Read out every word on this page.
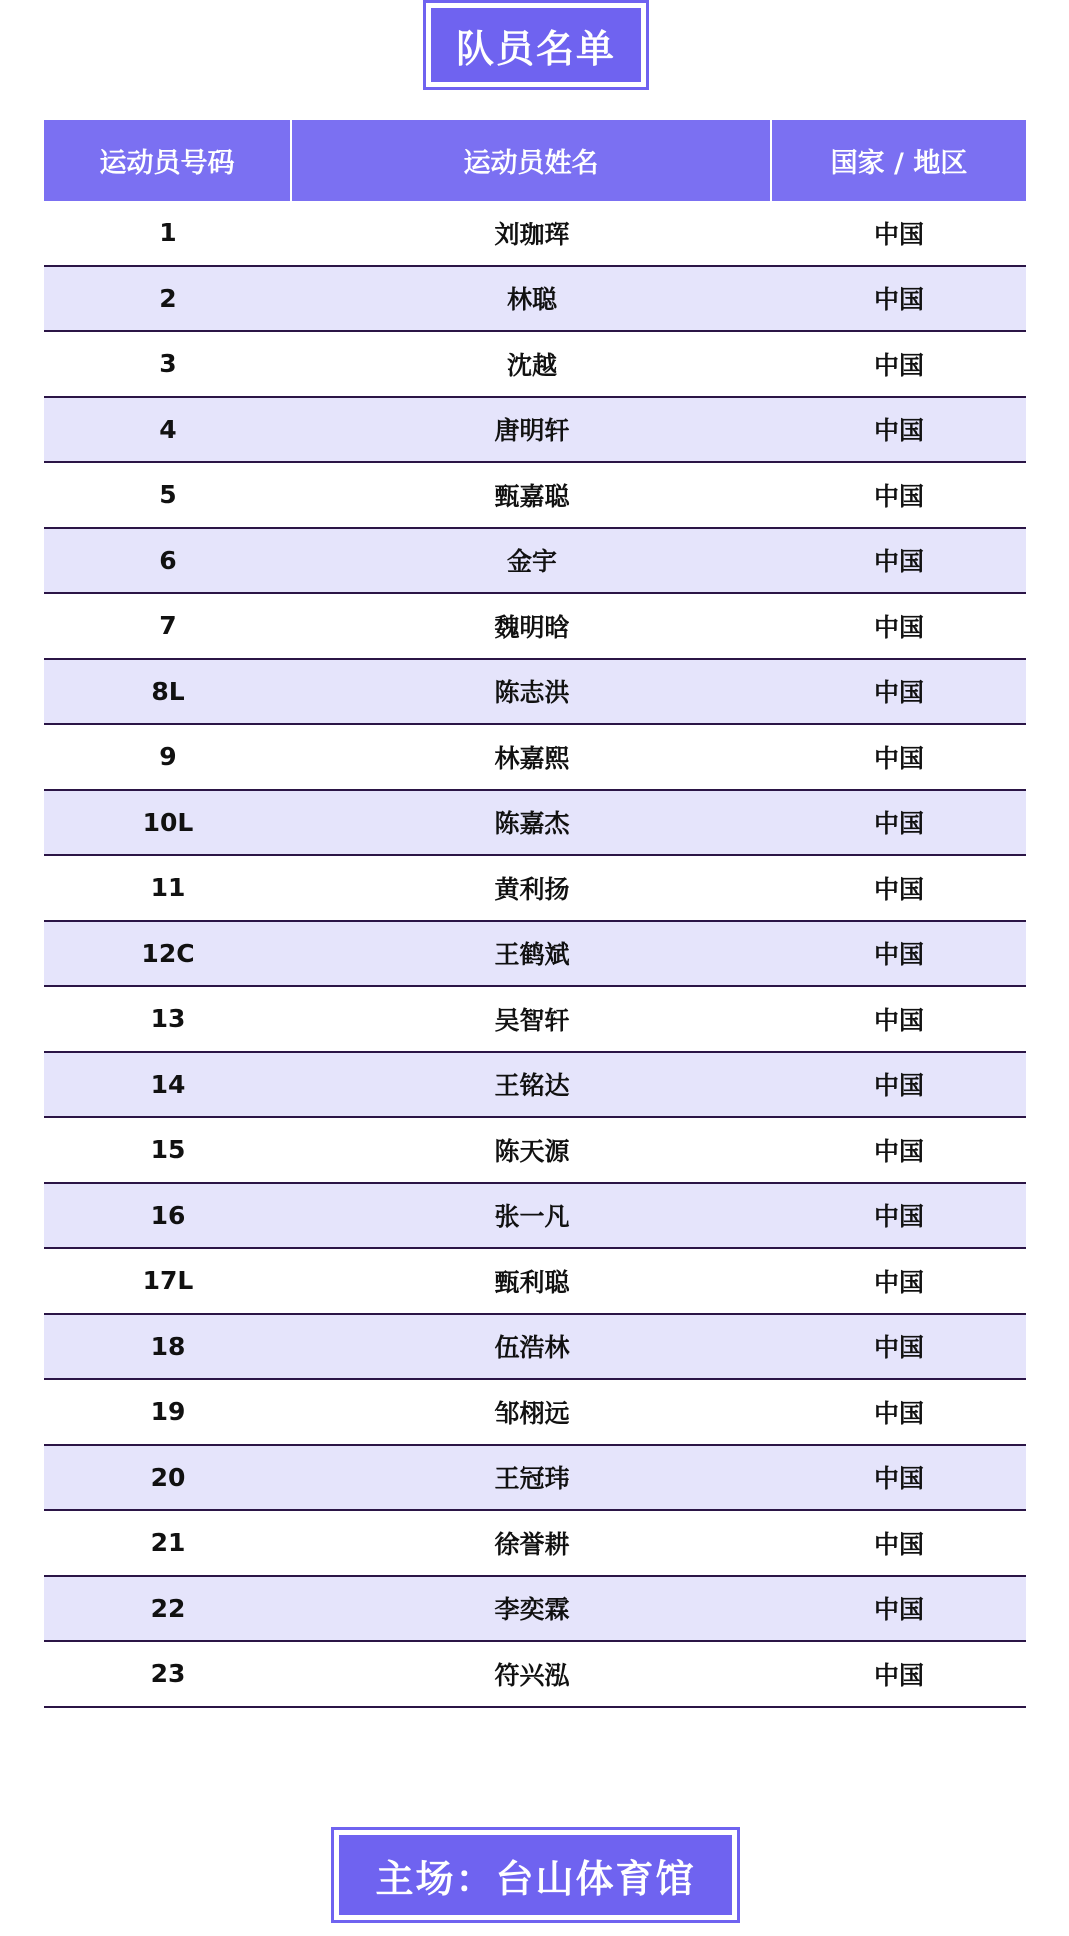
队员名单
运动员号码	运动员姓名	国家 / 地区
1	刘珈珲	中国
2	林聪	中国
3	沈越	中国
4	唐明轩	中国
5	甄嘉聪	中国
6	金宇	中国
7	魏明晗	中国
8L	陈志洪	中国
9	林嘉熙	中国
10L	陈嘉杰	中国
11	黄利扬	中国
12C	王鹤斌	中国
13	吴智轩	中国
14	王铭达	中国
15	陈天源	中国
16	张一凡	中国
17L	甄利聪	中国
18	伍浩林	中国
19	邹栩远	中国
20	王冠玮	中国
21	徐誉耕	中国
22	李奕霖	中国
23	符兴泓	中国
主场：台山体育馆
